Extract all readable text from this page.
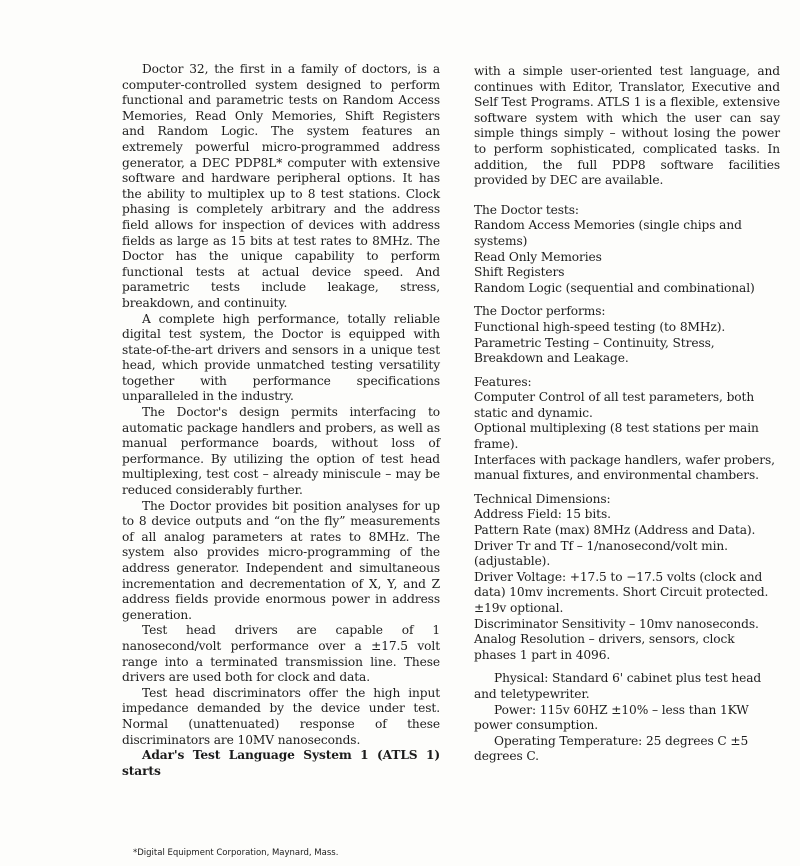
Doctor 32, the first in a family of doctors, is a computer-controlled system designed to perform functional and parametric tests on Random Access Memories, Read Only Memories, Shift Registers and Random Logic. The system features an extremely powerful micro-programmed address generator, a DEC PDP8L* computer with extensive software and hardware peripheral options. It has the ability to multiplex up to 8 test stations. Clock phasing is completely arbitrary and the address field allows for inspection of devices with address fields as large as 15 bits at test rates to 8MHz. The Doctor has the unique capability to perform functional tests at actual device speed. And parametric tests include leakage, stress, breakdown, and continuity.

A complete high performance, totally reliable digital test system, the Doctor is equipped with state-of-the-art drivers and sensors in a unique test head, which provide unmatched testing versatility together with performance specifications unparalleled in the industry.

The Doctor's design permits interfacing to automatic package handlers and probers, as well as manual performance boards, without loss of performance. By utilizing the option of test head multiplexing, test cost – already miniscule – may be reduced considerably further.

The Doctor provides bit position analyses for up to 8 device outputs and “on the fly” measurements of all analog parameters at rates to 8MHz. The system also provides micro-programming of the address generator. Independent and simultaneous incrementation and decrementation of X, Y, and Z address fields provide enormous power in address generation.

Test head drivers are capable of 1 nanosecond/volt performance over a ±17.5 volt range into a terminated transmission line. These drivers are used both for clock and data.

Test head discriminators offer the high input impedance demanded by the device under test. Normal (unattenuated) response of these discriminators are 10MV nanoseconds.

Adar's Test Language System 1 (ATLS 1) starts

with a simple user-oriented test language, and continues with Editor, Translator, Executive and Self Test Programs. ATLS 1 is a flexible, extensive software system with which the user can say simple things simply – without losing the power to perform sophisticated, complicated tasks. In addition, the full PDP8 software facilities provided by DEC are available.

The Doctor tests:

Random Access Memories (single chips and systems)

Read Only Memories

Shift Registers

Random Logic (sequential and combinational)

The Doctor performs:

Functional high-speed testing (to 8MHz).

Parametric Testing – Continuity, Stress, Breakdown and Leakage.

Features:

Computer Control of all test parameters, both static and dynamic.

Optional multiplexing (8 test stations per main frame).

Interfaces with package handlers, wafer probers, manual fixtures, and environmental chambers.

Technical Dimensions:

Address Field: 15 bits.

Pattern Rate (max) 8MHz (Address and Data).

Driver Tr and Tf – 1/nanosecond/volt min. (adjustable).

Driver Voltage: +17.5 to −17.5 volts (clock and data) 10mv increments. Short Circuit protected. ±19v optional.

Discriminator Sensitivity – 10mv nanoseconds.

Analog Resolution – drivers, sensors, clock phases 1 part in 4096.

Physical: Standard 6' cabinet plus test head and teletypewriter.

Power: 115v 60HZ ±10% – less than 1KW power consumption.

Operating Temperature: 25 degrees C ±5 degrees C.

*Digital Equipment Corporation, Maynard, Mass.
